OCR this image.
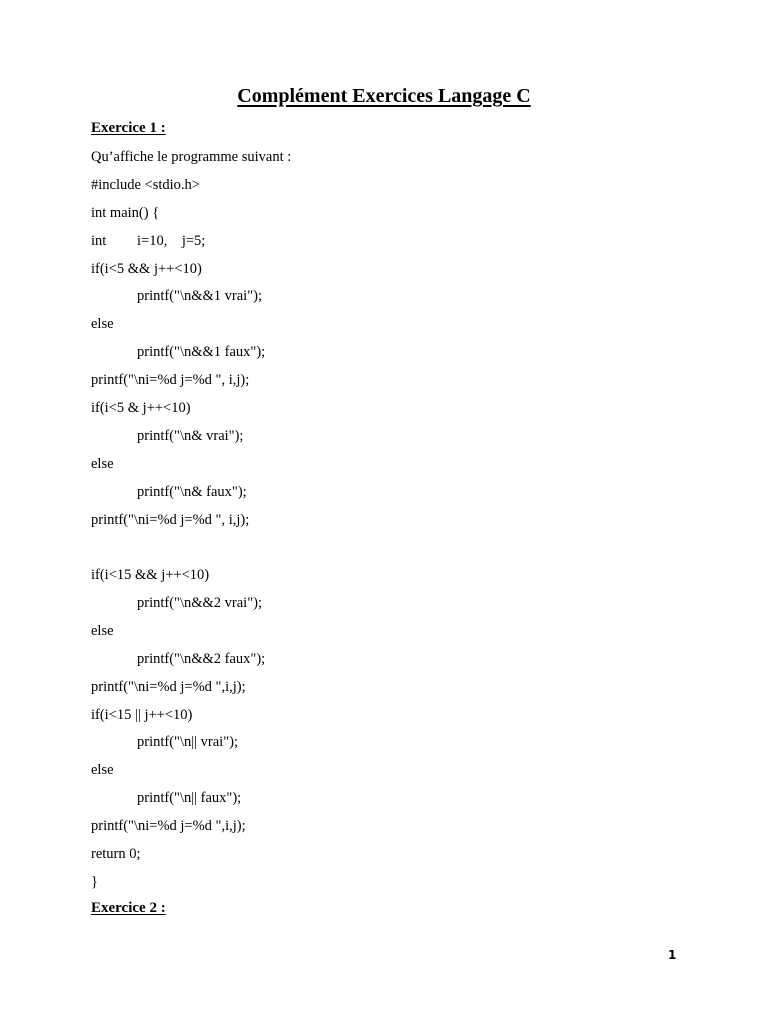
Complément Exercices Langage C
Exercice 1 :
Qu’affiche le programme suivant :
#include <stdio.h>
int main() {
int i=10,    j=5;
if(i<5 && j++<10)
printf("\n&&1 vrai");
else
printf("\n&&1 faux");
printf("\ni=%d j=%d ", i,j);
if(i<5 & j++<10)
printf("\n& vrai");
else
printf("\n& faux");
printf("\ni=%d j=%d ", i,j);
if(i<15 && j++<10)
printf("\n&&2 vrai");
else
printf("\n&&2 faux");
printf("\ni=%d j=%d ",i,j);
if(i<15 || j++<10)
printf("\n|| vrai");
else
printf("\n|| faux");
printf("\ni=%d j=%d ",i,j);
return 0;
}
Exercice 2 :
1
